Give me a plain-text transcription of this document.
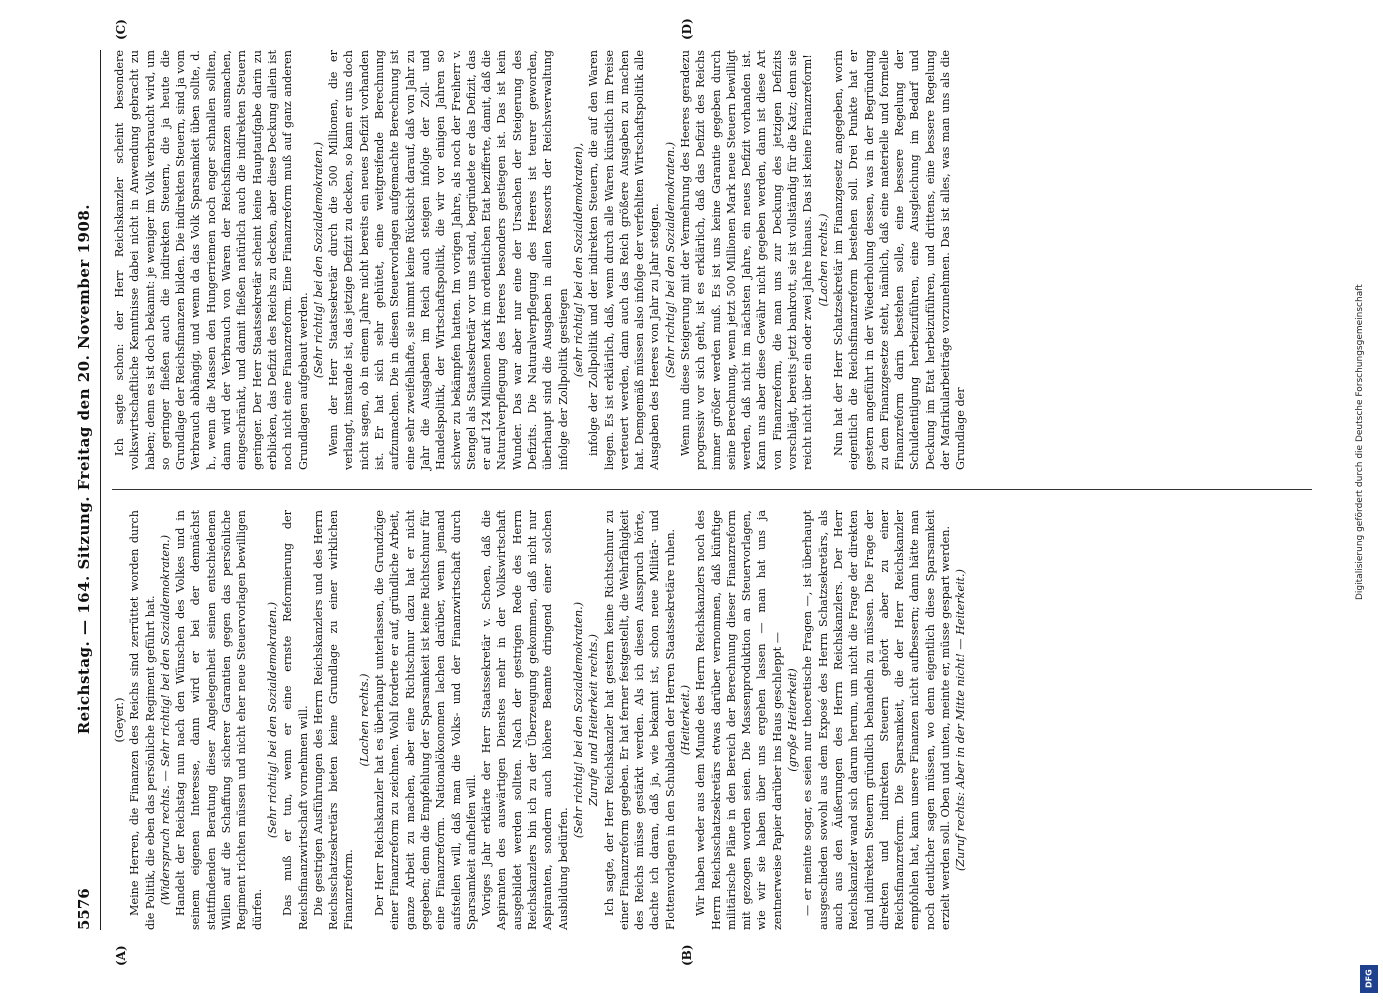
5576
Reichstag. — 164. Sitzung. Freitag den 20. November 1908.
(A)	(B)
(C)	(D)

(Geyer.) Meine Herren, die Finanzen des Reichs sind zerrüttet worden durch die Politik, die eben das persönliche Regiment geführt hat. (Widerspruch rechts. — Sehr richtig! bei den Sozialdemokraten.) Handelt der Reichstag nun nach den Wünschen des Volkes und in seinem eigenen Interesse, dann wird er bei der demnächst stattfindenden Beratung dieser Angelegenheit seinen entschiedenen Willen auf die Schaffung sicherer Garantien gegen das persönliche Regiment richten müssen und nicht eher neue Steuervorlagen bewilligen dürfen.

(Sehr richtig! bei den Sozialdemokraten.) Das muß er tun, wenn er eine ernste Reformierung der Reichsfinanzwirtschaft vornehmen will. Die gestrigen Ausführungen des Herrn Reichskanzlers und des Herrn Reichsschatzsekretärs bieten keine Grundlage zu einer wirklichen Finanzreform.

(Lachen rechts.) Der Herr Reichskanzler hat es überhaupt unterlassen, die Grundzüge einer Finanzreform zu zeichnen. Wohl forderte er auf, gründliche Arbeit, ganze Arbeit zu machen, aber eine Richtschnur dazu hat er nicht gegeben; denn die Empfehlung der Sparsamkeit ist keine Richtschnur für eine Finanzreform. Nationalökonomen lachen darüber, wenn jemand aufstellen will, daß man die Volks- und der Finanzwirtschaft durch Sparsamkeit aufhelfen will. Voriges Jahr erklärte der Herr Staatssekretär v. Schoen, daß die Aspiranten des auswärtigen Dienstes mehr in der Volkswirtschaft ausgebildet werden sollten. Nach der gestrigen Rede des Herrn Reichskanzlers bin ich zu der Überzeugung gekommen, daß nicht nur Aspiranten, sondern auch höhere Beamte dringend einer solchen Ausbildung bedürfen.

(Sehr richtig! bei den Sozialdemokraten.) Zurufe und Heiterkeit rechts.) Ich sagte, der Herr Reichskanzler hat gestern keine Richtschnur zu einer Finanzreform gegeben. Er hat ferner festgestellt, die Wehrfähigkeit des Reichs müsse gestärkt werden. Als ich diesen Ausspruch hörte, dachte ich daran, daß ja, wie bekannt ist, schon neue Militär- und Flottenvorlagen in den Schubladen der Herren Staatssekretäre ruhen. (Heiterkeit.) Wir haben weder aus dem Munde des Herrn Reichskanzlers noch des Herrn Reichsschatzsekretärs etwas darüber vernommen, daß künftige militärische Pläne in den Bereich der Berechnung dieser Finanzreform mit gezogen worden seien. Die Massenproduktion an Steuervorlagen, wie wir sie haben über uns ergehen lassen — man hat uns ja zentnerweise Papier darüber ins Haus geschleppt — (große Heiterkeit) — er meinte sogar, es seien nur theoretische Fragen —, ist überhaupt ausgeschieden sowohl aus dem Exposé des Herrn Schatzsekretärs, als auch aus den Äußerungen des Herrn Reichskanzlers. Der Herr Reichskanzler wand sich darum herum, um nicht die Frage der direkten und indirekten Steuern gründlich behandeln zu müssen. Die Frage der direkten und indirekten Steuern gehört aber zu einer Reichsfinanzreform. Die Sparsamkeit, die der Herr Reichskanzler empfohlen hat, kann unsere Finanzen nicht aufbessern; dann hätte man noch deutlicher sagen müssen, wo denn eigentlich diese Sparsamkeit erzielt werden soll. Oben und unten, meinte er, müsse gespart werden. (Zuruf rechts: Aber in der Mitte nicht! — Heiterkeit.)

Ich sagte schon: der Herr Reichskanzler scheint besondere volkswirtschaftliche Kenntnisse dabei nicht in Anwendung gebracht zu haben; denn es ist doch bekannt: je weniger im Volk verbraucht wird, um so geringer fließen auch die indirekten Steuern, die ja heute die Grundlage der Reichsfinanzen bilden. Die indirekten Steuern, sind ja vom Verbrauch abhängig, und wenn da das Volk Sparsamkeit üben sollte, d. h., wenn die Massen den Hungerriemen noch enger schnallen sollten, dann wird der Verbrauch von Waren der Reichsfinanzen ausmachen, eingeschränkt, und damit fließen natürlich auch die indirekten Steuern geringer. Der Herr Staatssekretär scheint keine Hauptaufgabe darin zu erblicken, das Defizit des Reichs zu decken, aber diese Deckung allein ist noch nicht eine Finanzreform. Eine Finanzreform muß auf ganz anderen Grundlagen aufgebaut werden.

(Sehr richtig! bei den Sozialdemokraten.) Wenn der Herr Staatssekretär durch die 500 Millionen, die er verlangt, imstande ist, das jetzige Defizit zu decken, so kann er uns doch nicht sagen, ob in einem Jahre nicht bereits ein neues Defizit vorhanden ist. Er hat sich sehr gehütet, eine weitgreifende Berechnung aufzumachen. Die in diesen Steuervorlagen aufgemachte Berechnung ist eine sehr zweifelhafte, sie nimmt keine Rücksicht darauf, daß von Jahr zu Jahr die Ausgaben im Reich auch steigen infolge der Zoll- und Handelspolitik, der Wirtschaftspolitik, die wir vor einigen Jahren so schwer zu bekämpfen hatten. Im vorigen Jahre, als noch der Freiherr v. Stengel als Staatssekretär vor uns stand, begründete er das Defizit, das er auf 124 Millionen Mark im ordentlichen Etat bezifferte, damit, daß die Naturalverpflegung des Heeres besonders gestiegen ist. Das ist kein Wunder. Das war aber nur eine der Ursachen der Steigerung des Defizits. Die Naturalverpflegung des Heeres ist teurer geworden, überhaupt sind die Ausgaben in allen Ressorts der Reichsverwaltung infolge der Zollpolitik gestiegen

(sehr richtig! bei den Sozialdemokraten), infolge der Zollpolitik und der indirekten Steuern, die auf den Waren liegen. Es ist erklärlich, daß, wenn durch alle Waren künstlich im Preise verteuert werden, dann auch das Reich größere Ausgaben zu machen hat. Demgemäß müssen also infolge der verfehlten Wirtschaftspolitik alle Ausgaben des Heeres von Jahr zu Jahr steigen. (Sehr richtig! bei den Sozialdemokraten.) Wenn nun diese Steigerung mit der Vermehrung des Heeres geradezu progressiv vor sich geht, ist es erklärlich, daß das Defizit des Reichs immer größer werden muß. Es ist uns keine Garantie gegeben durch seine Berechnung, wenn jetzt 500 Millionen Mark neue Steuern bewilligt werden, daß nicht im nächsten Jahre, ein neues Defizit vorhanden ist. Kann uns aber diese Gewähr nicht gegeben werden, dann ist diese Art von Finanzreform, die man uns zur Deckung des jetzigen Defizits vorschlägt, bereits jetzt bankrott, sie ist vollständig für die Katz; denn sie reicht nicht über ein oder zwei Jahre hinaus. Das ist keine Finanzreform! (Lachen rechts.) Nun hat der Herr Schatzsekretär im Finanzgesetz angegeben, worin eigentlich die Reichsfinanzreform bestehen soll. Drei Punkte hat er gestern angeführt in der Wiederholung dessen, was in der Begründung zu dem Finanzgesetze steht, nämlich, daß eine materielle und formelle Finanzreform darin bestehen solle, eine bessere Regelung der Schuldentilgung herbeizuführen, eine Ausgleichung im Bedarf und Deckung im Etat herbeizuführen, und drittens, eine bessere Regelung der Matrikularbeiträge vorzunehmen. Das ist alles, was man uns als die Grundlage der	Digitalisierung gefördert durch die Deutsche Forschungsgemeinschaft
DFG
